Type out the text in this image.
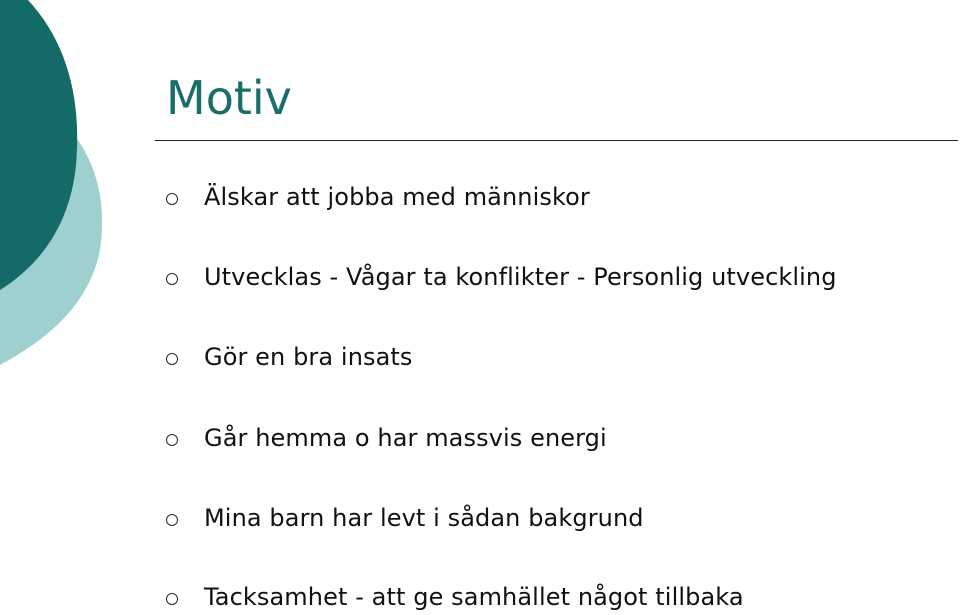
Motiv
Älskar att jobba med människor
Utvecklas - Vågar ta konflikter - Personlig utveckling
Gör en bra insats
Går hemma o har massvis energi
Mina barn har levt i sådan bakgrund
Tacksamhet - att ge samhället något tillbaka
